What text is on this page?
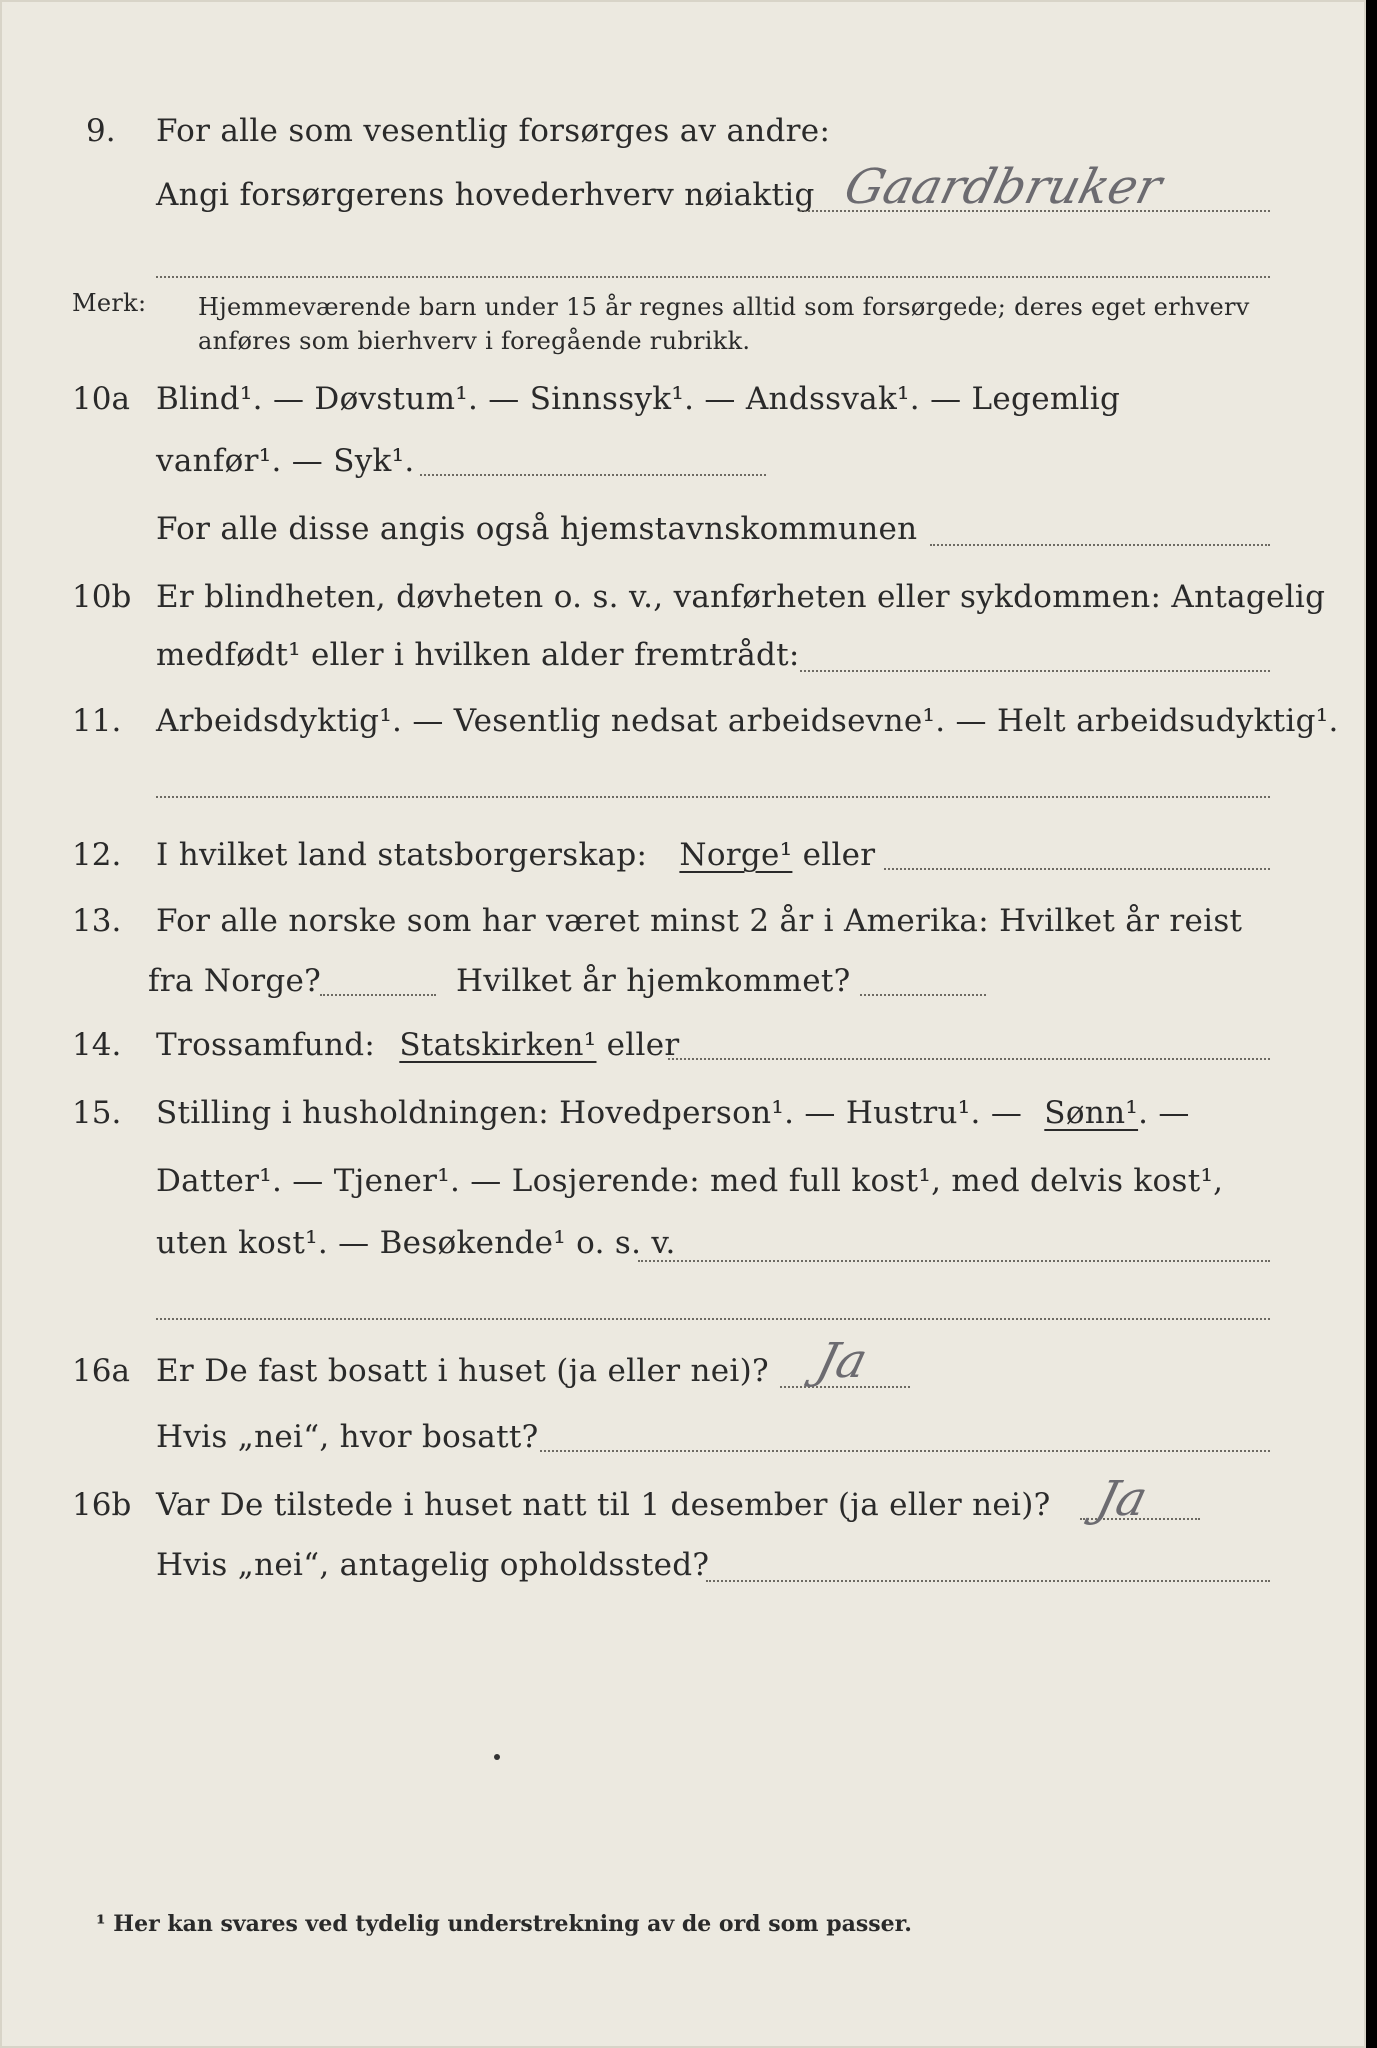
9. For alle som vesentlig forsørges av andre:
Angi forsørgerens hovederhverv nøiaktig Gaardbruker
Merk: Hjemmeværende barn under 15 år regnes alltid som forsørgede; deres eget erhverv
anføres som bierhverv i foregående rubrikk.
10a Blind¹. — Døvstum¹. — Sinnssyk¹. — Andssvak¹. — Legemlig
vanfør¹. — Syk¹.
For alle disse angis også hjemstavnskommunen
10b Er blindheten, døvheten o. s. v., vanførheten eller sykdommen: Antagelig
medfødt¹ eller i hvilken alder fremtrådt:
11. Arbeidsdyktig¹. — Vesentlig nedsat arbeidsevne¹. — Helt arbeidsudyktig¹.
12. I hvilket land statsborgerskap: Norge¹ eller
13. For alle norske som har været minst 2 år i Amerika: Hvilket år reist
fra Norge?	Hvilket år hjemkommet?
14. Trossamfund: Statskirken¹ eller
15. Stilling i husholdningen: Hovedperson¹. — Hustru¹. — Sønn¹. —
Datter¹. — Tjener¹. — Losjerende: med full kost¹, med delvis kost¹,
uten kost¹. — Besøkende¹ o. s. v.
16a Er De fast bosatt i huset (ja eller nei)? Ja
Hvis „nei“, hvor bosatt?
16b Var De tilstede i huset natt til 1 desember (ja eller nei)? Ja
Hvis „nei“, antagelig opholdssted?
¹ Her kan svares ved tydelig understrekning av de ord som passer.
